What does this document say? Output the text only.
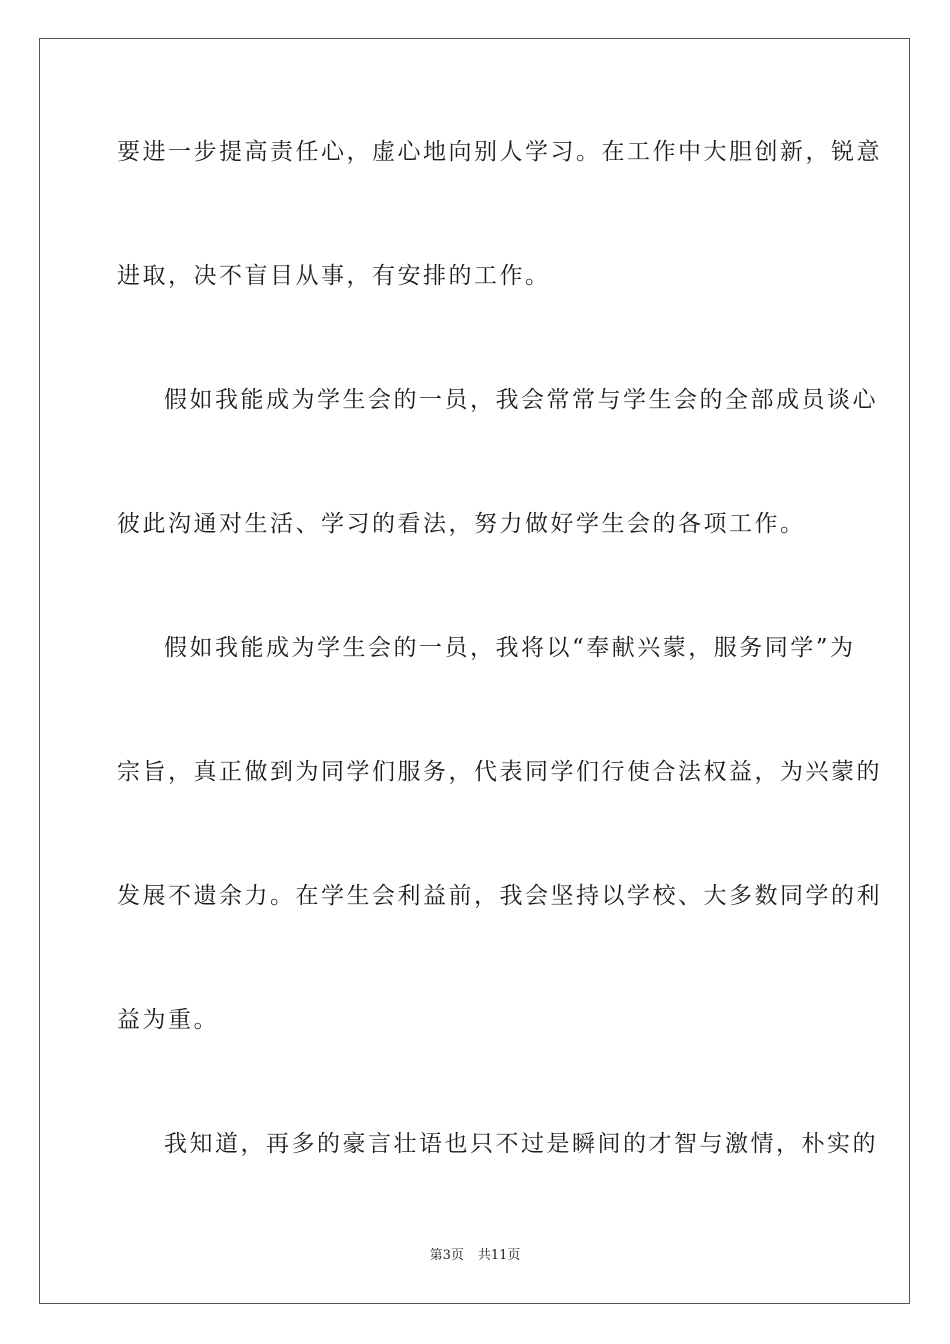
要进一步提高责任心，虚心地向别人学习。在工作中大胆创新，锐意
进取，决不盲目从事，有安排的工作。
假如我能成为学生会的一员，我会常常与学生会的全部成员谈心
彼此沟通对生活、学习的看法，努力做好学生会的各项工作。
假如我能成为学生会的一员，我将以“奉献兴蒙，服务同学”为
宗旨，真正做到为同学们服务，代表同学们行使合法权益，为兴蒙的
发展不遗余力。在学生会利益前，我会坚持以学校、大多数同学的利
益为重。
我知道，再多的豪言壮语也只不过是瞬间的才智与激情，朴实的
第3页 共11页
